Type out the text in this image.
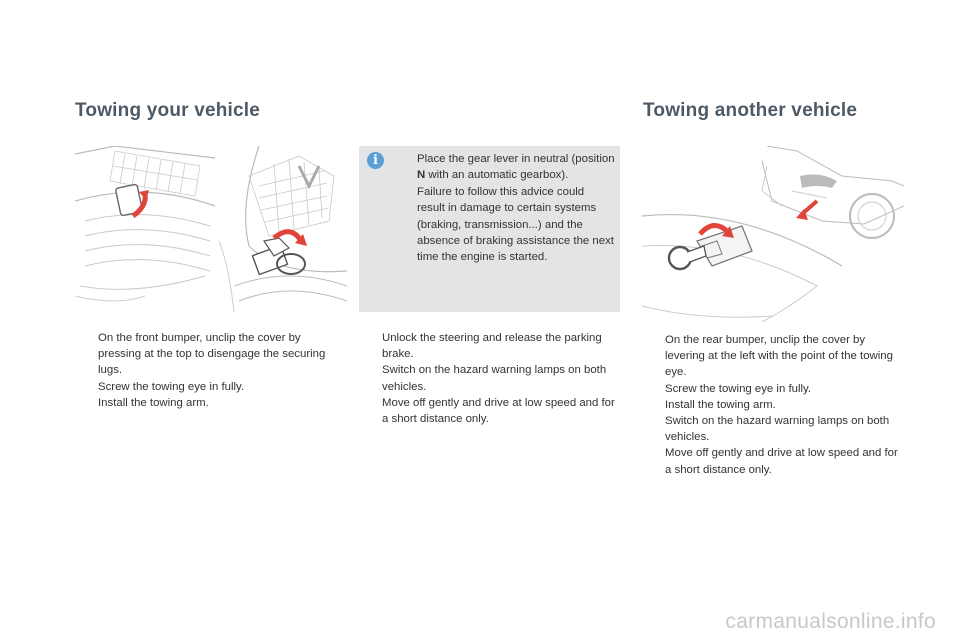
Towing your vehicle	Towing another vehicle
i	Place the gear lever in neutral (position N with an automatic gearbox).
Failure to follow this advice could result in damage to certain systems (braking, transmission...) and the absence of braking assistance the next time the engine is started.
On the front bumper, unclip the cover by pressing at the top to disengage the securing lugs.
Screw the towing eye in fully.
Install the towing arm.
Unlock the steering and release the parking brake.
Switch on the hazard warning lamps on both vehicles.
Move off gently and drive at low speed and for a short distance only.
On the rear bumper, unclip the cover by levering at the left with the point of the towing eye.
Screw the towing eye in fully.
Install the towing arm.
Switch on the hazard warning lamps on both vehicles.
Move off gently and drive at low speed and for a short distance only.
carmanualsonline.info
